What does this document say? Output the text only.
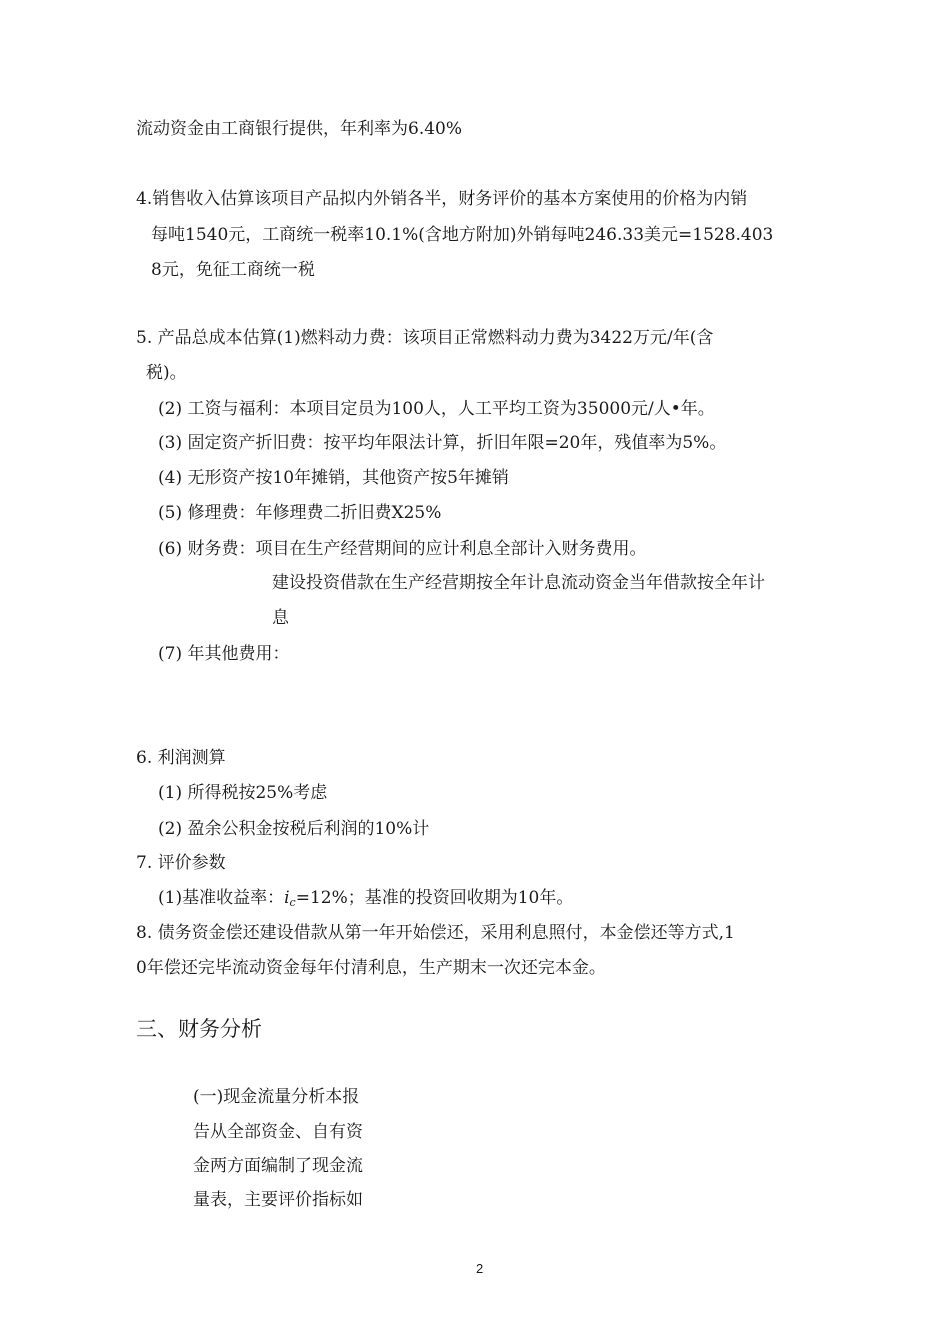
流动资金由工商银行提供，年利率为6.40%
4.销售收入估算该项目产品拟内外销各半，财务评价的基本方案使用的价格为内销
每吨1540元，工商统一税率10.1%(含地方附加)外销每吨246.33美元=1528.403
8元，免征工商统一税
5. 产品总成本估算(1)燃料动力费：该项目正常燃料动力费为3422万元/年(含
税)。
(2) 工资与福利：本项目定员为100人，人工平均工资为35000元/人•年。
(3) 固定资产折旧费：按平均年限法计算，折旧年限=20年，残值率为5%。
(4) 无形资产按10年摊销，其他资产按5年摊销
(5) 修理费：年修理费二折旧费X25%
(6) 财务费：项目在生产经营期间的应计利息全部计入财务费用。
建设投资借款在生产经营期按全年计息流动资金当年借款按全年计
息
(7) 年其他费用：
6. 利润测算
(1) 所得税按25%考虑
(2) 盈余公积金按税后利润的10%计
7. 评价参数
(1)基准收益率：$i_c=12\%$；基准的投资回收期为10年。
8. 债务资金偿还建设借款从第一年开始偿还，采用利息照付，本金偿还等方式,1
0年偿还完毕流动资金每年付清利息，生产期末一次还完本金。
三、财务分析
(一)现金流量分析本报
告从全部资金、自有资
金两方面编制了现金流
量表，主要评价指标如
2
